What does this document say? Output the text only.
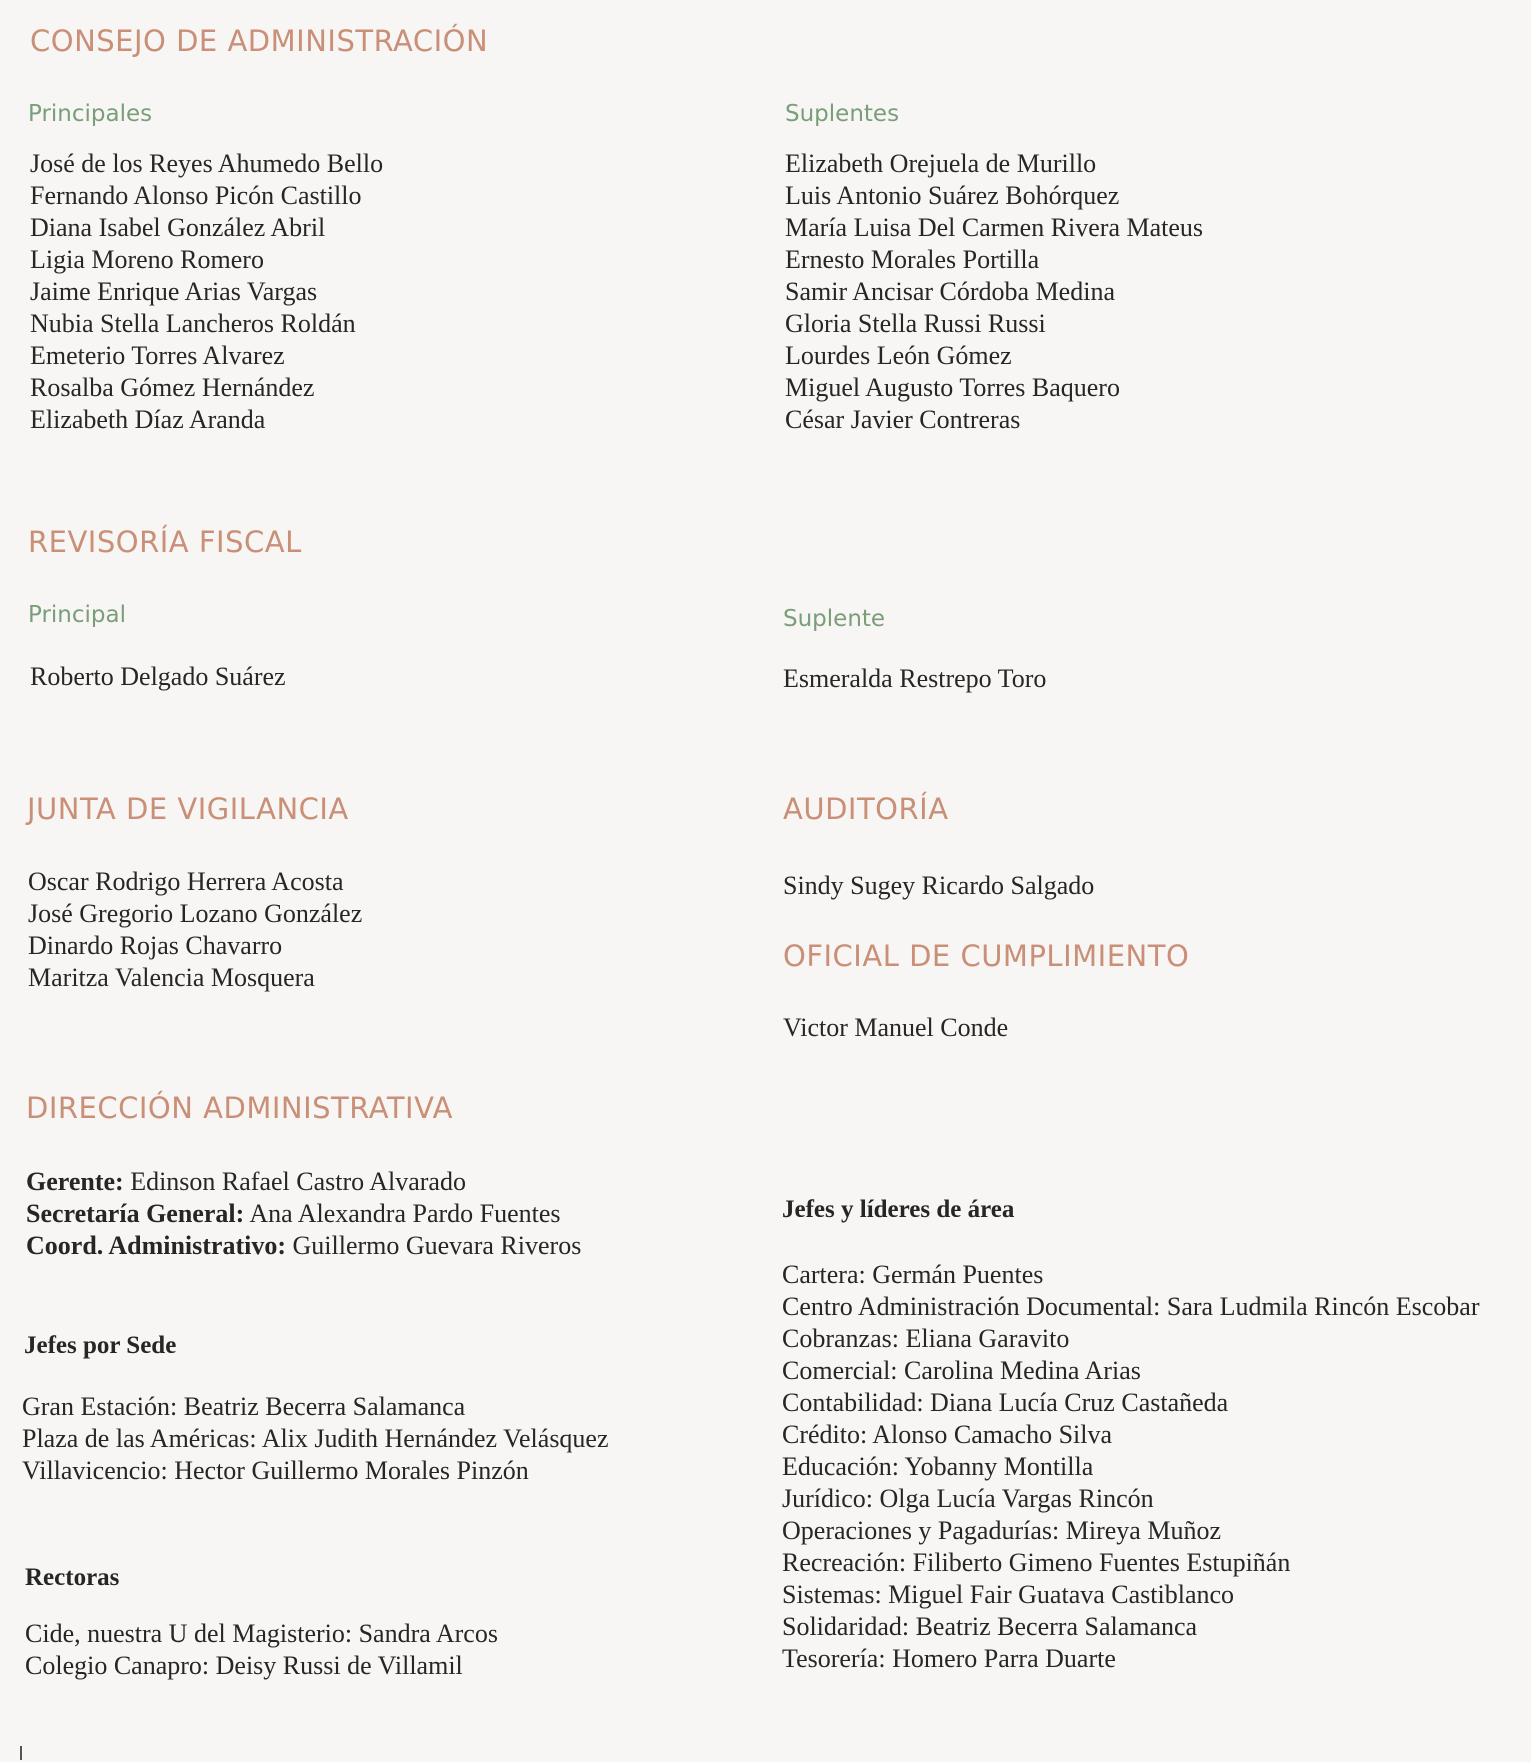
CONSEJO DE ADMINISTRACIÓN
Principales
José de los Reyes Ahumedo Bello
Fernando Alonso Picón Castillo
Diana Isabel González Abril
Ligia Moreno Romero
Jaime Enrique Arias Vargas
Nubia Stella Lancheros Roldán
Emeterio Torres Alvarez
Rosalba Gómez Hernández
Elizabeth Díaz Aranda
Suplentes
Elizabeth Orejuela de Murillo
Luis Antonio Suárez Bohórquez
María Luisa Del Carmen Rivera Mateus
Ernesto Morales Portilla
Samir Ancisar Córdoba Medina
Gloria Stella Russi Russi
Lourdes León Gómez
Miguel Augusto Torres Baquero
César Javier Contreras
REVISORÍA FISCAL
Principal
Roberto Delgado Suárez
Suplente
Esmeralda Restrepo Toro
JUNTA DE VIGILANCIA
Oscar Rodrigo Herrera Acosta
José Gregorio Lozano González
Dinardo Rojas Chavarro
Maritza Valencia Mosquera
AUDITORÍA
Sindy Sugey Ricardo Salgado
OFICIAL DE CUMPLIMIENTO
Victor Manuel Conde
DIRECCIÓN ADMINISTRATIVA
Gerente: Edinson Rafael Castro Alvarado
Secretaría General: Ana Alexandra Pardo Fuentes
Coord. Administrativo: Guillermo Guevara Riveros
Jefes por Sede
Gran Estación: Beatriz Becerra Salamanca
Plaza de las Américas: Alix Judith Hernández Velásquez
Villavicencio: Hector Guillermo Morales Pinzón
Rectoras
Cide, nuestra U del Magisterio: Sandra Arcos
Colegio Canapro: Deisy Russi de Villamil
Jefes y líderes de área
Cartera: Germán Puentes
Centro Administración Documental: Sara Ludmila Rincón Escobar
Cobranzas: Eliana Garavito
Comercial: Carolina Medina Arias
Contabilidad: Diana Lucía Cruz Castañeda
Crédito: Alonso Camacho Silva
Educación: Yobanny Montilla
Jurídico: Olga Lucía Vargas Rincón
Operaciones y Pagadurías: Mireya Muñoz
Recreación: Filiberto Gimeno Fuentes Estupiñán
Sistemas: Miguel Fair Guatava Castiblanco
Solidaridad: Beatriz Becerra Salamanca
Tesorería: Homero Parra Duarte
